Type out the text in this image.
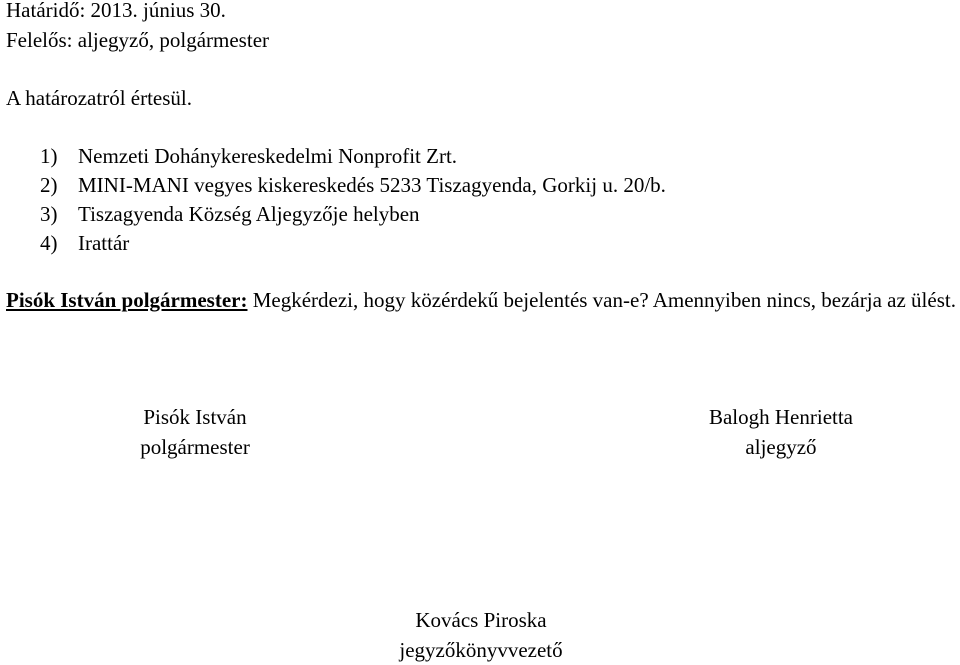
Határidő: 2013. június 30.
Felelős: aljegyző, polgármester
A határozatról értesül.
1) Nemzeti Dohánykereskedelmi Nonprofit Zrt.
2) MINI-MANI vegyes kiskereskedés 5233 Tiszagyenda, Gorkij u. 20/b.
3) Tiszagyenda Község Aljegyzője helyben
4) Irattár
Pisók István polgármester: Megkérdezi, hogy közérdekű bejelentés van-e? Amennyiben nincs, bezárja az ülést.
Pisók István
polgármester
Balogh Henrietta
aljegyző
Kovács Piroska
jegyzőkönyvvezető
